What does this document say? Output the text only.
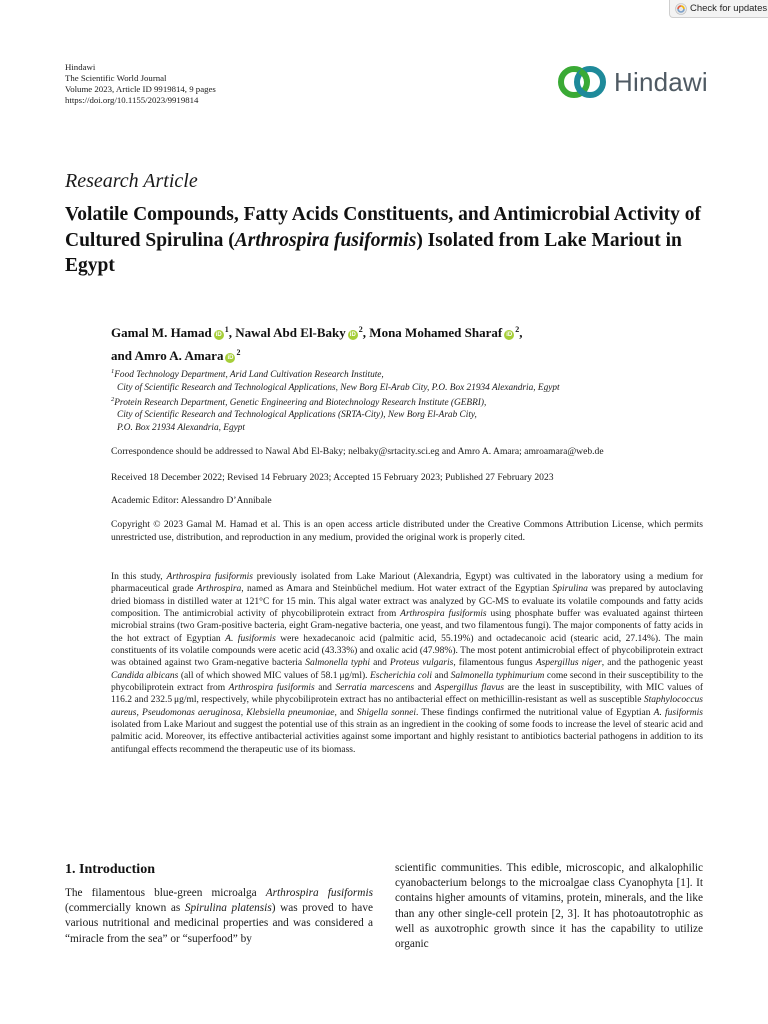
Check for updates
Hindawi
The Scientific World Journal
Volume 2023, Article ID 9919814, 9 pages
https://doi.org/10.1155/2023/9919814
Hindawi
Research Article
Volatile Compounds, Fatty Acids Constituents, and Antimicrobial Activity of Cultured Spirulina (Arthrospira fusiformis) Isolated from Lake Mariout in Egypt
Gamal M. Hamad iD$^1$, Nawal Abd El-Baky iD$^2$, Mona Mohamed Sharaf iD$^2$,
and Amro A. Amara iD$^2$
$^1$Food Technology Department, Arid Land Cultivation Research Institute,
City of Scientific Research and Technological Applications, New Borg El-Arab City, P.O. Box 21934 Alexandria, Egypt
$^2$Protein Research Department, Genetic Engineering and Biotechnology Research Institute (GEBRI),
City of Scientific Research and Technological Applications (SRTA-City), New Borg El-Arab City,
P.O. Box 21934 Alexandria, Egypt
Correspondence should be addressed to Nawal Abd El-Baky; nelbaky@srtacity.sci.eg and Amro A. Amara; amroamara@web.de
Received 18 December 2022; Revised 14 February 2023; Accepted 15 February 2023; Published 27 February 2023
Academic Editor: Alessandro D’Annibale
Copyright © 2023 Gamal M. Hamad et al. This is an open access article distributed under the Creative Commons Attribution License, which permits unrestricted use, distribution, and reproduction in any medium, provided the original work is properly cited.
In this study, Arthrospira fusiformis previously isolated from Lake Mariout (Alexandria, Egypt) was cultivated in the laboratory using a medium for pharmaceutical grade Arthrospira, named as Amara and Steinbüchel medium. Hot water extract of the Egyptian Spirulina was prepared by autoclaving dried biomass in distilled water at 121°C for 15 min. This algal water extract was analyzed by GC-MS to evaluate its volatile compounds and fatty acids composition. The antimicrobial activity of phycobiliprotein extract from Arthrospira fusiformis using phosphate buffer was evaluated against thirteen microbial strains (two Gram-positive bacteria, eight Gram-negative bacteria, one yeast, and two filamentous fungi). The major components of fatty acids in the hot extract of Egyptian A. fusiformis were hexadecanoic acid (palmitic acid, 55.19%) and octadecanoic acid (stearic acid, 27.14%). The main constituents of its volatile compounds were acetic acid (43.33%) and oxalic acid (47.98%). The most potent antimicrobial effect of phycobiliprotein extract was obtained against two Gram-negative bacteria Salmonella typhi and Proteus vulgaris, filamentous fungus Aspergillus niger, and the pathogenic yeast Candida albicans (all of which showed MIC values of 58.1 μg/ml). Escherichia coli and Salmonella typhimurium come second in their susceptibility to the phycobiliprotein extract from Arthrospira fusiformis and Serratia marcescens and Aspergillus flavus are the least in susceptibility, with MIC values of 116.2 and 232.5 μg/ml, respectively, while phycobiliprotein extract has no antibacterial effect on methicillin-resistant as well as susceptible Staphylococcus aureus, Pseudomonas aeruginosa, Klebsiella pneumoniae, and Shigella sonnei. These findings confirmed the nutritional value of Egyptian A. fusiformis isolated from Lake Mariout and suggest the potential use of this strain as an ingredient in the cooking of some foods to increase the level of stearic acid and palmitic acid. Moreover, its effective antibacterial activities against some important and highly resistant to antibiotics bacterial pathogens in addition to its antifungal effects recommend the therapeutic use of its biomass.
1. Introduction
The filamentous blue-green microalga Arthrospira fusiformis (commercially known as Spirulina platensis) was proved to have various nutritional and medicinal properties and was considered a “miracle from the sea” or “superfood” by
scientific communities. This edible, microscopic, and alkalophilic cyanobacterium belongs to the microalgae class Cyanophyta [1]. It contains higher amounts of vitamins, protein, minerals, and the like than any other single-cell protein [2, 3]. It has photoautotrophic as well as auxotrophic growth since it has the capability to utilize organic
